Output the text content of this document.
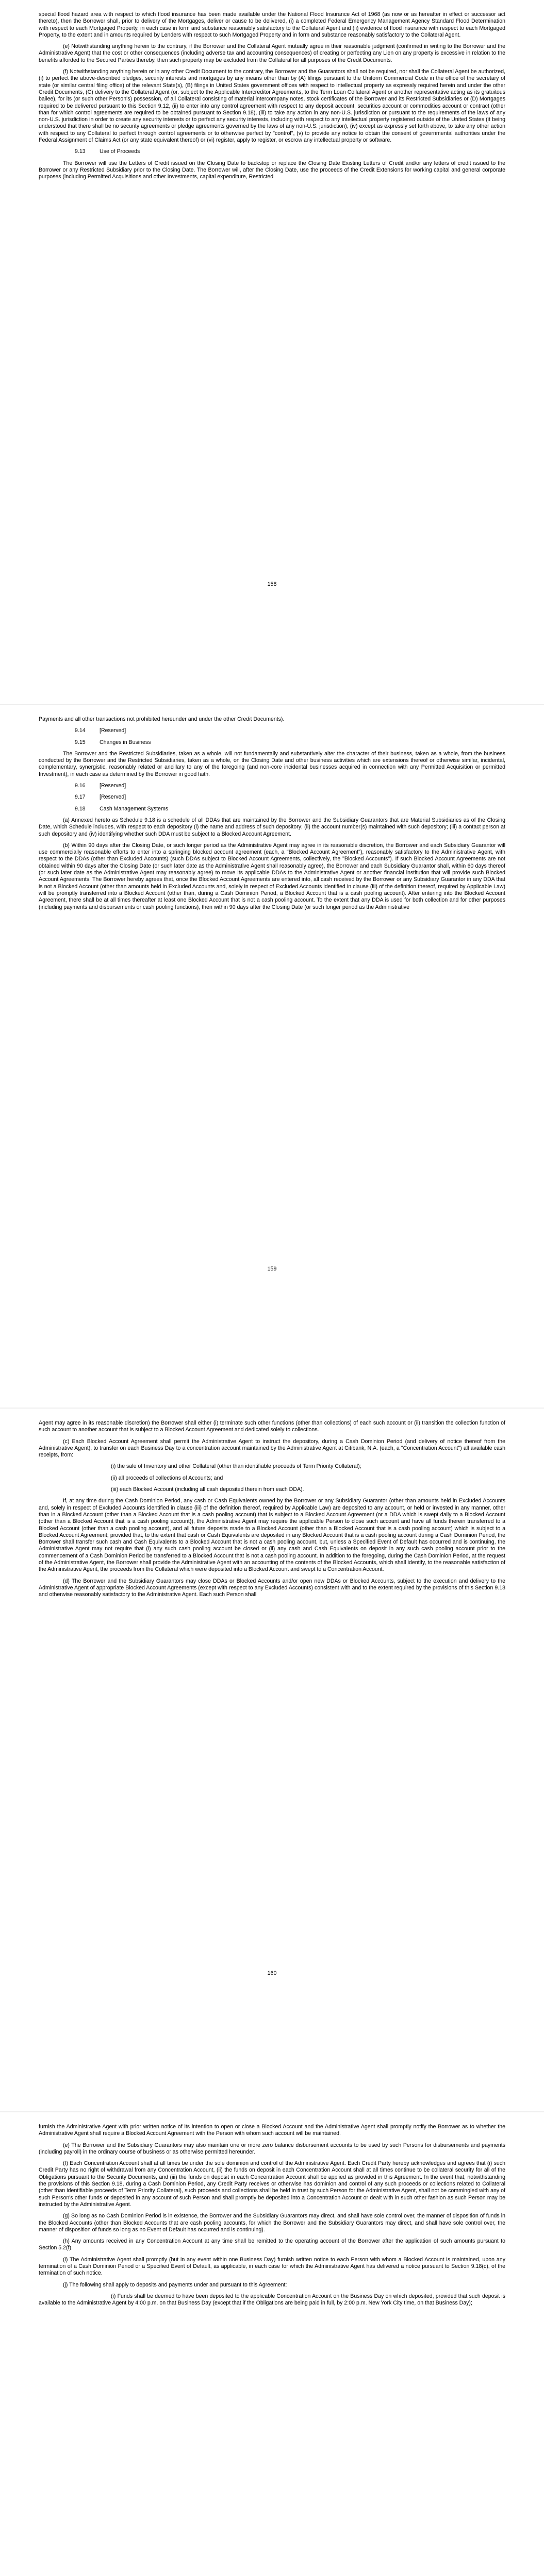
special flood hazard area with respect to which flood insurance has been made available under the National Flood Insurance Act of 1968 (as now or as hereafter in effect or successor act thereto), then the Borrower shall, prior to delivery of the Mortgages, deliver or cause to be delivered, (i) a completed Federal Emergency Management Agency Standard Flood Determination with respect to each Mortgaged Property, in each case in form and substance reasonably satisfactory to the Collateral Agent and (ii) evidence of flood insurance with respect to each Mortgaged Property, to the extent and in amounts required by Lenders with respect to such Mortgaged Property and in form and substance reasonably satisfactory to the Collateral Agent.

(e) Notwithstanding anything herein to the contrary, if the Borrower and the Collateral Agent mutually agree in their reasonable judgment (confirmed in writing to the Borrower and the Administrative Agent) that the cost or other consequences (including adverse tax and accounting consequences) of creating or perfecting any Lien on any property is excessive in relation to the benefits afforded to the Secured Parties thereby, then such property may be excluded from the Collateral for all purposes of the Credit Documents.

(f) Notwithstanding anything herein or in any other Credit Document to the contrary, the Borrower and the Guarantors shall not be required, nor shall the Collateral Agent be authorized, (i) to perfect the above-described pledges, security interests and mortgages by any means other than by (A) filings pursuant to the Uniform Commercial Code in the office of the secretary of state (or similar central filing office) of the relevant State(s), (B) filings in United States government offices with respect to intellectual property as expressly required herein and under the other Credit Documents, (C) delivery to the Collateral Agent (or, subject to the Applicable Intercreditor Agreements, to the Term Loan Collateral Agent or another representative acting as its gratuitous bailee), for its (or such other Person's) possession, of all Collateral consisting of material intercompany notes, stock certificates of the Borrower and its Restricted Subsidiaries or (D) Mortgages required to be delivered pursuant to this Section 9.12, (ii) to enter into any control agreement with respect to any deposit account, securities account or commodities account or contract (other than for which control agreements are required to be obtained pursuant to Section 9.18), (iii) to take any action in any non-U.S. jurisdiction or pursuant to the requirements of the laws of any non-U.S. jurisdiction in order to create any security interests or to perfect any security interests, including with respect to any intellectual property registered outside of the United States (it being understood that there shall be no security agreements or pledge agreements governed by the laws of any non-U.S. jurisdiction), (iv) except as expressly set forth above, to take any other action with respect to any Collateral to perfect through control agreements or to otherwise perfect by "control", (v) to provide any notice to obtain the consent of governmental authorities under the Federal Assignment of Claims Act (or any state equivalent thereof) or (vi) register, apply to register, or escrow any intellectual property or software.

9.13	Use of Proceeds

The Borrower will use the Letters of Credit issued on the Closing Date to backstop or replace the Closing Date Existing Letters of Credit and/or any letters of credit issued to the Borrower or any Restricted Subsidiary prior to the Closing Date. The Borrower will, after the Closing Date, use the proceeds of the Credit Extensions for working capital and general corporate purposes (including Permitted Acquisitions and other Investments, capital expenditure, Restricted

158

Payments and all other transactions not prohibited hereunder and under the other Credit Documents).

9.14	[Reserved]
9.15	Changes in Business

The Borrower and the Restricted Subsidiaries, taken as a whole, will not fundamentally and substantively alter the character of their business, taken as a whole, from the business conducted by the Borrower and the Restricted Subsidiaries, taken as a whole, on the Closing Date and other business activities which are extensions thereof or otherwise similar, incidental, complementary, synergistic, reasonably related or ancillary to any of the foregoing (and non-core incidental businesses acquired in connection with any Permitted Acquisition or permitted Investment), in each case as determined by the Borrower in good faith.

9.16	[Reserved]
9.17	[Reserved]
9.18	Cash Management Systems

(a) Annexed hereto as Schedule 9.18 is a schedule of all DDAs that are maintained by the Borrower and the Subsidiary Guarantors that are Material Subsidiaries as of the Closing Date, which Schedule includes, with respect to each depository (i) the name and address of such depository; (ii) the account number(s) maintained with such depository; (iii) a contact person at such depository and (iv) identifying whether such DDA must be subject to a Blocked Account Agreement.

(b) Within 90 days after the Closing Date, or such longer period as the Administrative Agent may agree in its reasonable discretion, the Borrower and each Subsidiary Guarantor will use commercially reasonable efforts to enter into a springing blocked account agreement (each, a "Blocked Account Agreement"), reasonably satisfactory to the Administrative Agent, with respect to the DDAs (other than Excluded Accounts) (such DDAs subject to Blocked Account Agreements, collectively, the "Blocked Accounts"). If such Blocked Account Agreements are not obtained within 90 days after the Closing Date (or such later date as the Administrative Agent shall reasonably agree), the Borrower and each Subsidiary Guarantor shall, within 60 days thereof (or such later date as the Administrative Agent may reasonably agree) to move its applicable DDAs to the Administrative Agent or another financial institution that will provide such Blocked Account Agreements. The Borrower hereby agrees that, once the Blocked Account Agreements are entered into, all cash received by the Borrower or any Subsidiary Guarantor in any DDA that is not a Blocked Account (other than amounts held in Excluded Accounts and, solely in respect of Excluded Accounts identified in clause (iii) of the definition thereof, required by Applicable Law) will be promptly transferred into a Blocked Account (other than, during a Cash Dominion Period, a Blocked Account that is a cash pooling account). After entering into the Blocked Account Agreement, there shall be at all times thereafter at least one Blocked Account that is not a cash pooling account. To the extent that any DDA is used for both collection and for other purposes (including payments and disbursements or cash pooling functions), then within 90 days after the Closing Date (or such longer period as the Administrative

159

Agent may agree in its reasonable discretion) the Borrower shall either (i) terminate such other functions (other than collections) of each such account or (ii) transition the collection function of such account to another account that is subject to a Blocked Account Agreement and dedicated solely to collections.

(c) Each Blocked Account Agreement shall permit the Administrative Agent to instruct the depository, during a Cash Dominion Period (and delivery of notice thereof from the Administrative Agent), to transfer on each Business Day to a concentration account maintained by the Administrative Agent at Citibank, N.A. (each, a "Concentration Account") all available cash receipts, from:

(i) the sale of Inventory and other Collateral (other than identifiable proceeds of Term Priority Collateral);

(ii) all proceeds of collections of Accounts; and

(iii) each Blocked Account (including all cash deposited therein from each DDA).

If, at any time during the Cash Dominion Period, any cash or Cash Equivalents owned by the Borrower or any Subsidiary Guarantor (other than amounts held in Excluded Accounts and, solely in respect of Excluded Accounts identified in clause (iii) of the definition thereof, required by Applicable Law) are deposited to any account, or held or invested in any manner, other than in a Blocked Account (other than a Blocked Account that is a cash pooling account) that is subject to a Blocked Account Agreement (or a DDA which is swept daily to a Blocked Account (other than a Blocked Account that is a cash pooling account)), the Administrative Agent may require the applicable Person to close such account and have all funds therein transferred to a Blocked Account (other than a cash pooling account), and all future deposits made to a Blocked Account (other than a Blocked Account that is a cash pooling account) which is subject to a Blocked Account Agreement; provided that, to the extent that cash or Cash Equivalents are deposited in any Blocked Account that is a cash pooling account during a Cash Dominion Period, the Borrower shall transfer such cash and Cash Equivalents to a Blocked Account that is not a cash pooling account, but, unless a Specified Event of Default has occurred and is continuing, the Administrative Agent may not require that (i) any such cash pooling account be closed or (ii) any cash and Cash Equivalents on deposit in any such cash pooling account prior to the commencement of a Cash Dominion Period be transferred to a Blocked Account that is not a cash pooling account. In addition to the foregoing, during the Cash Dominion Period, at the request of the Administrative Agent, the Borrower shall provide the Administrative Agent with an accounting of the contents of the Blocked Accounts, which shall identify, to the reasonable satisfaction of the Administrative Agent, the proceeds from the Collateral which were deposited into a Blocked Account and swept to a Concentration Account.

(d) The Borrower and the Subsidiary Guarantors may close DDAs or Blocked Accounts and/or open new DDAs or Blocked Accounts, subject to the execution and delivery to the Administrative Agent of appropriate Blocked Account Agreements (except with respect to any Excluded Accounts) consistent with and to the extent required by the provisions of this Section 9.18 and otherwise reasonably satisfactory to the Administrative Agent. Each such Person shall

160

furnish the Administrative Agent with prior written notice of its intention to open or close a Blocked Account and the Administrative Agent shall promptly notify the Borrower as to whether the Administrative Agent shall require a Blocked Account Agreement with the Person with whom such account will be maintained.

(e) The Borrower and the Subsidiary Guarantors may also maintain one or more zero balance disbursement accounts to be used by such Persons for disbursements and payments (including payroll) in the ordinary course of business or as otherwise permitted hereunder.

(f) Each Concentration Account shall at all times be under the sole dominion and control of the Administrative Agent. Each Credit Party hereby acknowledges and agrees that (i) such Credit Party has no right of withdrawal from any Concentration Account, (ii) the funds on deposit in each Concentration Account shall at all times continue to be collateral security for all of the Obligations pursuant to the Security Documents, and (iii) the funds on deposit in each Concentration Account shall be applied as provided in this Agreement. In the event that, notwithstanding the provisions of this Section 9.18, during a Cash Dominion Period, any Credit Party receives or otherwise has dominion and control of any such proceeds or collections related to Collateral (other than identifiable proceeds of Term Priority Collateral), such proceeds and collections shall be held in trust by such Person for the Administrative Agent, shall not be commingled with any of such Person's other funds or deposited in any account of such Person and shall promptly be deposited into a Concentration Account or dealt with in such other fashion as such Person may be instructed by the Administrative Agent.

(g) So long as no Cash Dominion Period is in existence, the Borrower and the Subsidiary Guarantors may direct, and shall have sole control over, the manner of disposition of funds in the Blocked Accounts (other than Blocked Accounts that are cash pooling accounts, for which the Borrower and the Subsidiary Guarantors may direct, and shall have sole control over, the manner of disposition of funds so long as no Event of Default has occurred and is continuing).

(h) Any amounts received in any Concentration Account at any time shall be remitted to the operating account of the Borrower after the application of such amounts pursuant to Section 5.2(f).

(i) The Administrative Agent shall promptly (but in any event within one Business Day) furnish written notice to each Person with whom a Blocked Account is maintained, upon any termination of a Cash Dominion Period or a Specified Event of Default, as applicable, in each case for which the Administrative Agent has delivered a notice pursuant to Section 9.18(c), of the termination of such notice.

(j) The following shall apply to deposits and payments under and pursuant to this Agreement:

(i) Funds shall be deemed to have been deposited to the applicable Concentration Account on the Business Day on which deposited, provided that such deposit is available to the Administrative Agent by 4:00 p.m. on that Business Day (except that if the Obligations are being paid in full, by 2:00 p.m. New York City time, on that Business Day);
